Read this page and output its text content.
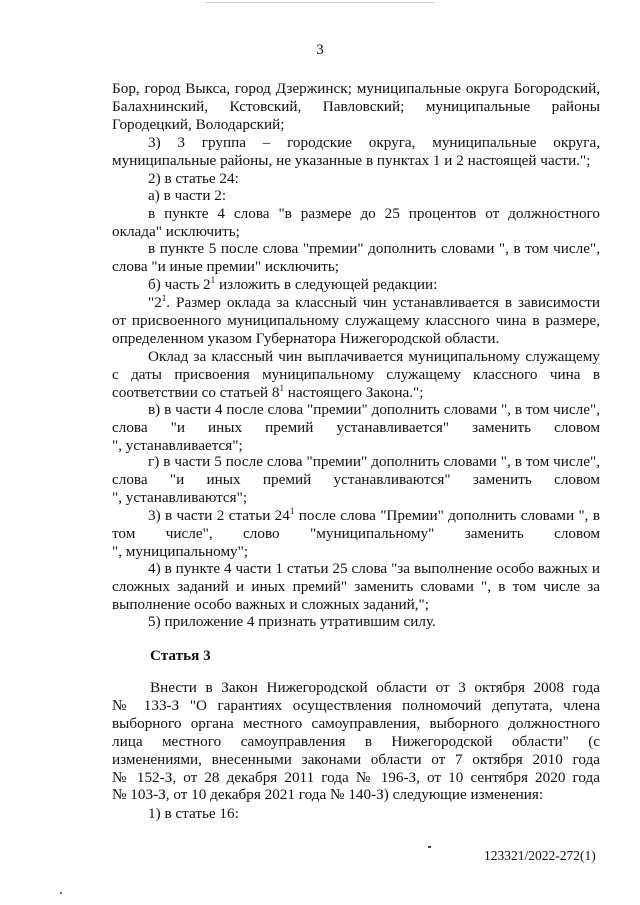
3

Бор, город Выкса, город Дзержинск; муниципальные округа Богородский,

Балахнинский, Кстовский, Павловский; муниципальные районы

Городецкий, Володарский;

3) 3 группа – городские округа, муниципальные округа,

муниципальные районы, не указанные в пунктах 1 и 2 настоящей части.";

2) в статье 24:

а) в части 2:

в пункте 4 слова "в размере до 25 процентов от должностного

оклада" исключить;

в пункте 5 после слова "премии" дополнить словами ", в том числе",

слова "и иные премии" исключить;

б) часть $2^1$ изложить в следующей редакции:

"$2^1$. Размер оклада за классный чин устанавливается в зависимости

от присвоенного муниципальному служащему классного чина в размере,

определенном указом Губернатора Нижегородской области.

Оклад за классный чин выплачивается муниципальному служащему

с даты присвоения муниципальному служащему классного чина в

соответствии со статьей $8^1$ настоящего Закона.";

в) в части 4 после слова "премии" дополнить словами ", в том числе",

слова "и иных премий устанавливается" заменить словом

", устанавливается";

г) в части 5 после слова "премии" дополнить словами ", в том числе",

слова "и иных премий устанавливаются" заменить словом

", устанавливаются";

3) в части 2 статьи $24^1$ после слова "Премии" дополнить словами ", в

том числе", слово "муниципальному" заменить словом

", муниципальному";

4) в пункте 4 части 1 статьи 25 слова "за выполнение особо важных и

сложных заданий и иных премий" заменить словами ", в том числе за

выполнение особо важных и сложных заданий,";

5) приложение 4 признать утратившим силу.

Статья 3

Внести в Закон Нижегородской области от 3 октября 2008 года

№ 133-З "О гарантиях осуществления полномочий депутата, члена

выборного органа местного самоуправления, выборного должностного

лица местного самоуправления в Нижегородской области" (с

изменениями, внесенными законами области от 7 октября 2010 года

№ 152-З, от 28 декабря 2011 года № 196-З, от 10 сентября 2020 года

№ 103-З, от 10 декабря 2021 года № 140-З) следующие изменения:

1) в статье 16:

123321/2022-272(1)
